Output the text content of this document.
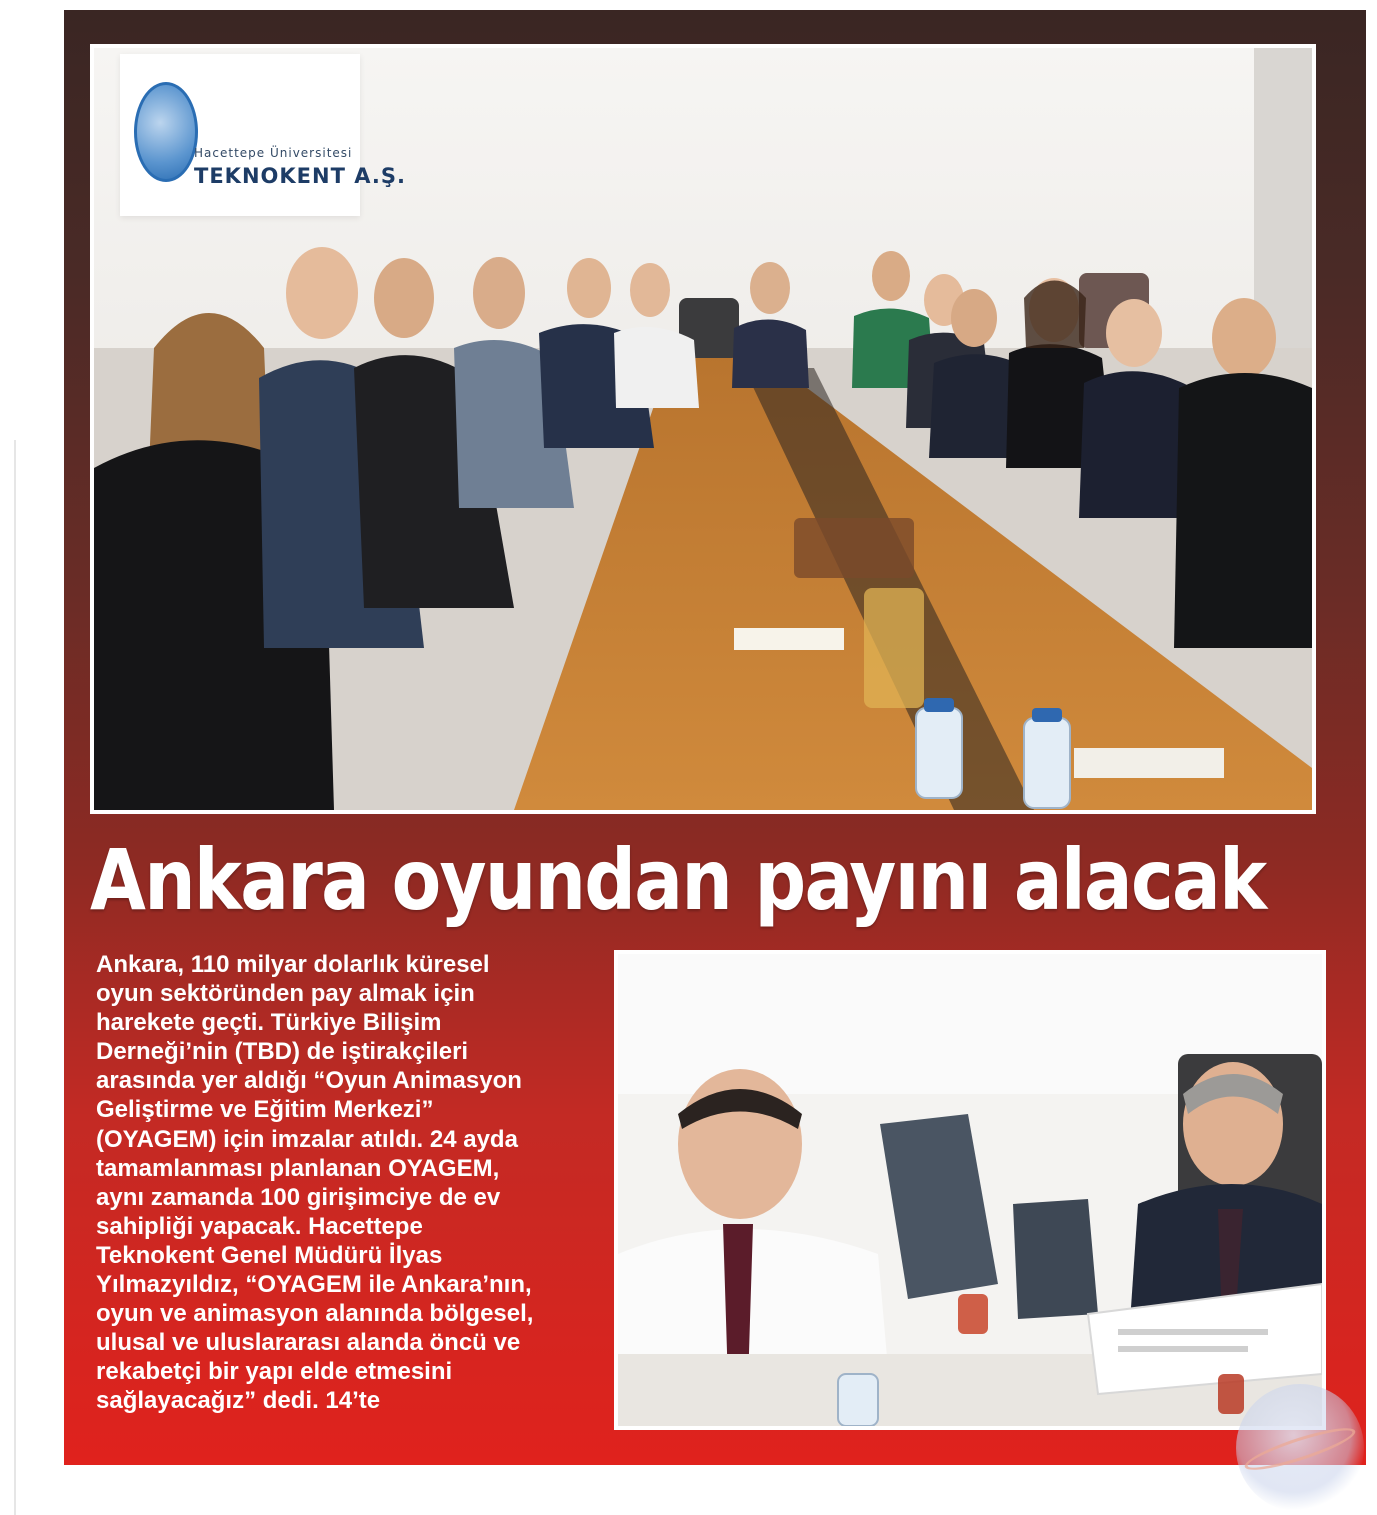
Hacettepe Üniversitesi
TEKNOKENT A.Ş.
Ankara oyundan payını alacak
Ankara, 110 milyar dolarlık küresel
oyun sektöründen pay almak için
harekete geçti. Türkiye Bilişim
Derneği’nin (TBD) de iştirakçileri
arasında yer aldığı “Oyun Animasyon
Geliştirme ve Eğitim Merkezi”
(OYAGEM) için imzalar atıldı. 24 ayda
tamamlanması planlanan OYAGEM,
aynı zamanda 100 girişimciye de ev
sahipliği yapacak. Hacettepe
Teknokent Genel Müdürü İlyas
Yılmazyıldız, “OYAGEM ile Ankara’nın,
oyun ve animasyon alanında bölgesel,
ulusal ve uluslararası alanda öncü ve
rekabetçi bir yapı elde etmesini
sağlayacağız” dedi. 14’te
